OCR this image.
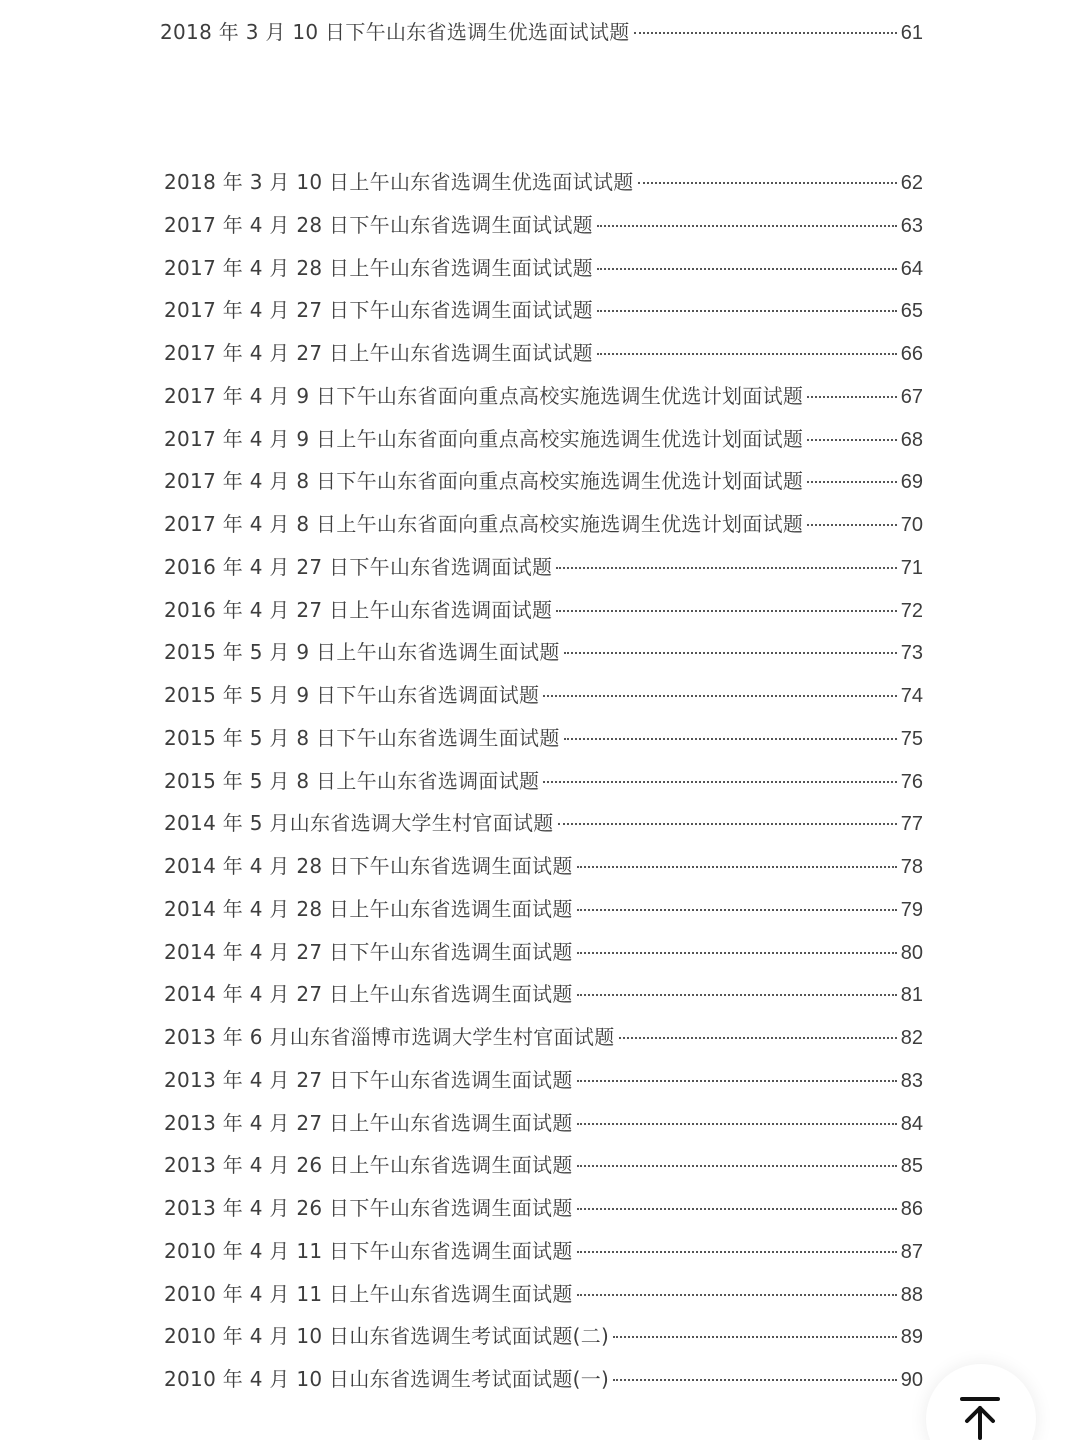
2018 年 3 月 10 日下午山东省选调生优选面试试题	61
2018 年 3 月 10 日上午山东省选调生优选面试试题	62
2017 年 4 月 28 日下午山东省选调生面试试题	63
2017 年 4 月 28 日上午山东省选调生面试试题	64
2017 年 4 月 27 日下午山东省选调生面试试题	65
2017 年 4 月 27 日上午山东省选调生面试试题	66
2017 年 4 月 9 日下午山东省面向重点高校实施选调生优选计划面试题	67
2017 年 4 月 9 日上午山东省面向重点高校实施选调生优选计划面试题	68
2017 年 4 月 8 日下午山东省面向重点高校实施选调生优选计划面试题	69
2017 年 4 月 8 日上午山东省面向重点高校实施选调生优选计划面试题	70
2016 年 4 月 27 日下午山东省选调面试题	71
2016 年 4 月 27 日上午山东省选调面试题	72
2015 年 5 月 9 日上午山东省选调生面试题	73
2015 年 5 月 9 日下午山东省选调面试题	74
2015 年 5 月 8 日下午山东省选调生面试题	75
2015 年 5 月 8 日上午山东省选调面试题	76
2014 年 5 月山东省选调大学生村官面试题	77
2014 年 4 月 28 日下午山东省选调生面试题	78
2014 年 4 月 28 日上午山东省选调生面试题	79
2014 年 4 月 27 日下午山东省选调生面试题	80
2014 年 4 月 27 日上午山东省选调生面试题	81
2013 年 6 月山东省淄博市选调大学生村官面试题	82
2013 年 4 月 27 日下午山东省选调生面试题	83
2013 年 4 月 27 日上午山东省选调生面试题	84
2013 年 4 月 26 日上午山东省选调生面试题	85
2013 年 4 月 26 日下午山东省选调生面试题	86
2010 年 4 月 11 日下午山东省选调生面试题	87
2010 年 4 月 11 日上午山东省选调生面试题	88
2010 年 4 月 10 日山东省选调生考试面试题(二)	89
2010 年 4 月 10 日山东省选调生考试面试题(一)	90
